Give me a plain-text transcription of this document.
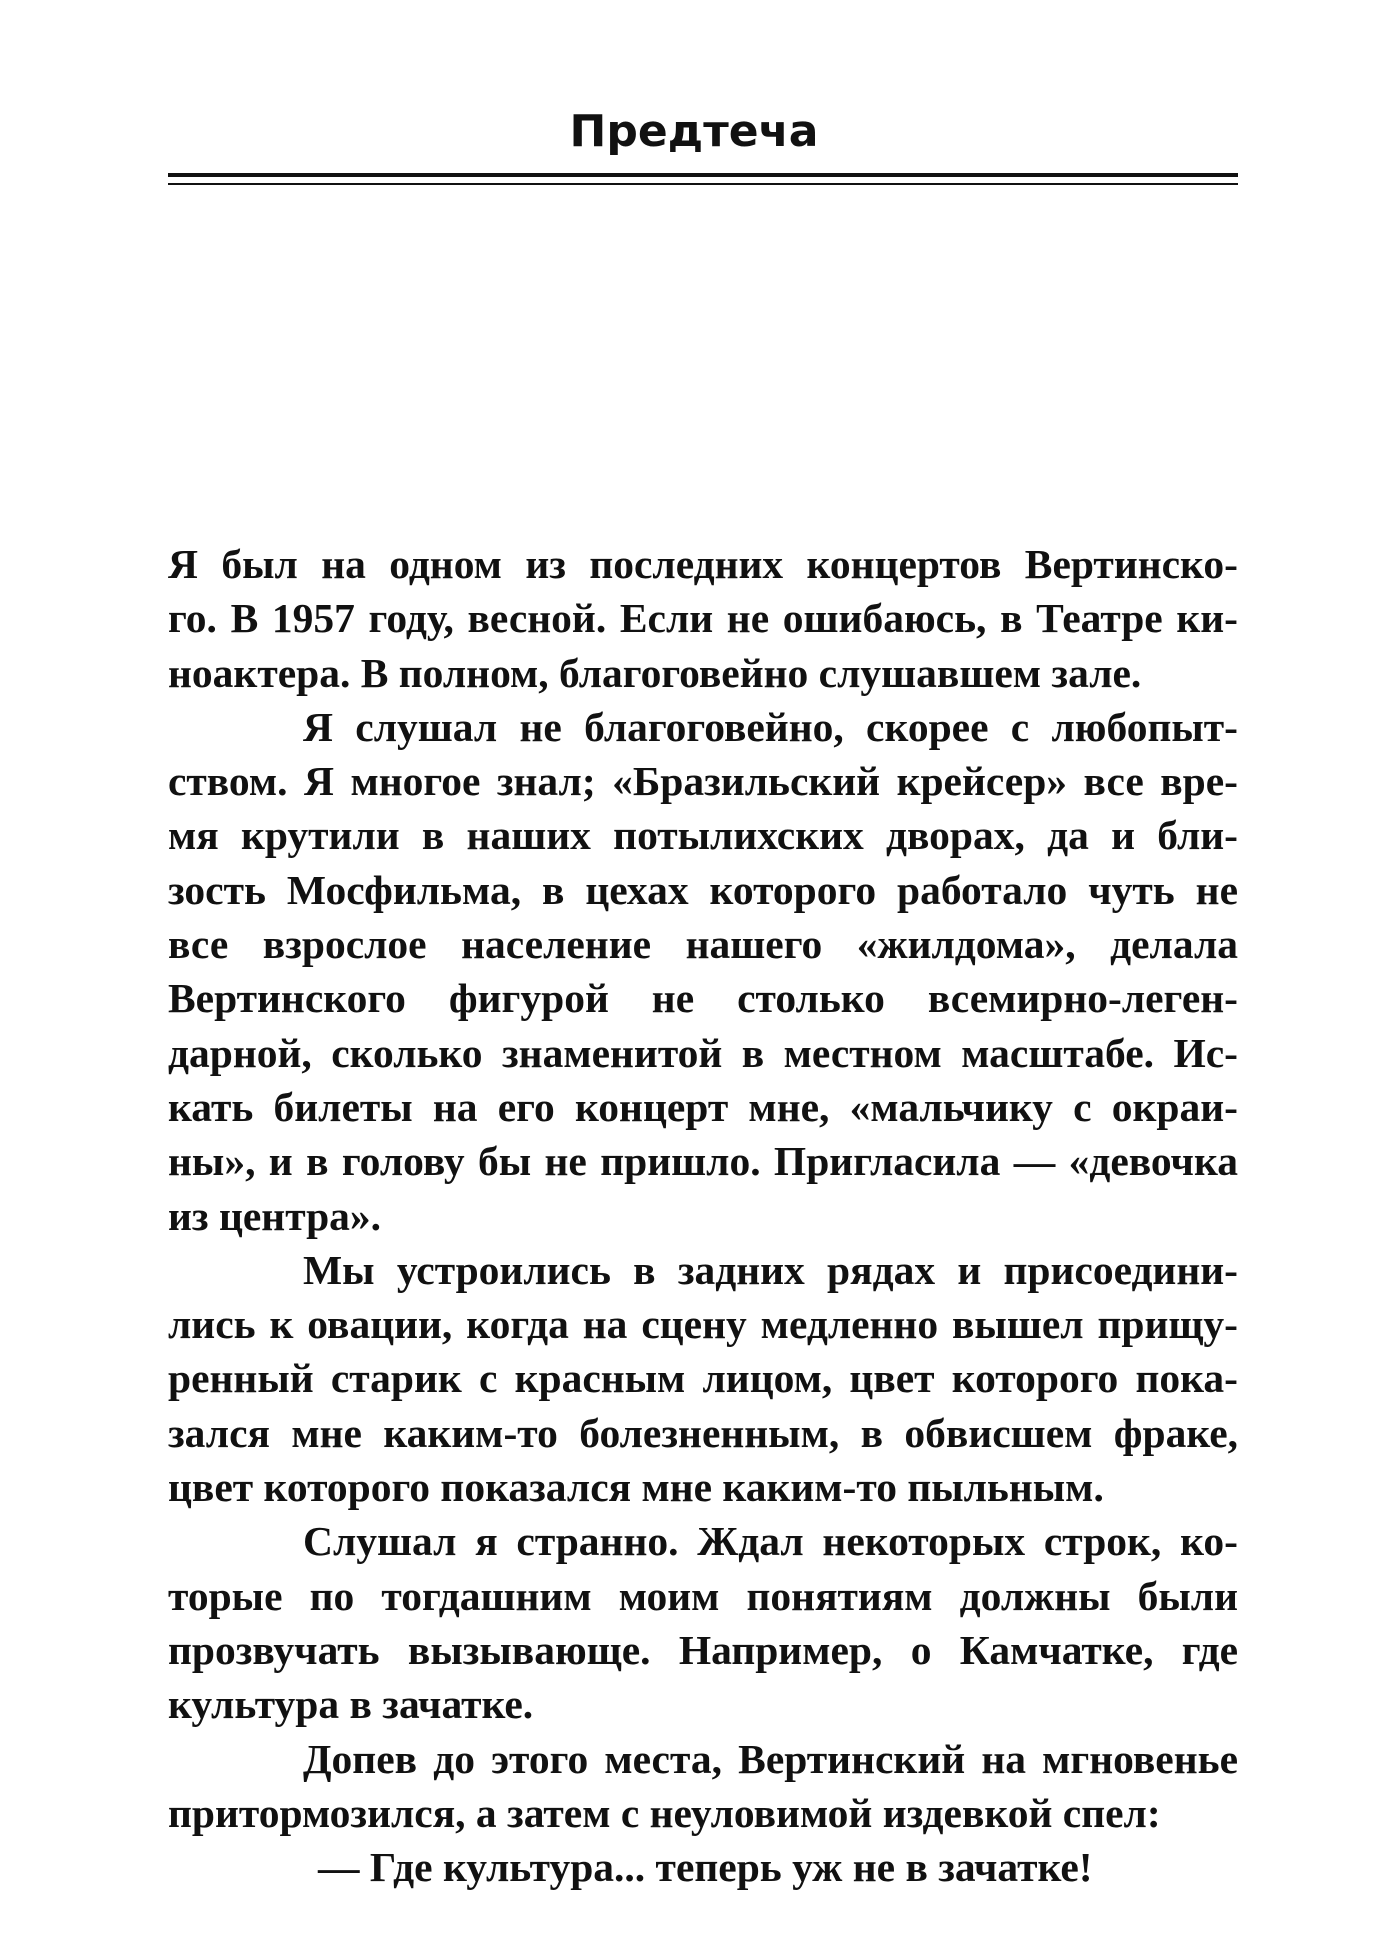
Предтеча
Я был на одном из последних концертов Вертинско-
го. В 1957 году, весной. Если не ошибаюсь, в Театре ки-
ноактера. В полном, благоговейно слушавшем зале.
Я слушал не благоговейно, скорее с любопыт-
ством. Я многое знал; «Бразильский крейсер» все вре-
мя крутили в наших потылихских дворах, да и бли-
зость Мосфильма, в цехах которого работало чуть не
все взрослое население нашего «жилдома», делала
Вертинского фигурой не столько всемирно-леген-
дарной, сколько знаменитой в местном масштабе. Ис-
кать билеты на его концерт мне, «мальчику с окраи-
ны», и в голову бы не пришло. Пригласила — «девочка
из центра».
Мы устроились в задних рядах и присоедини-
лись к овации, когда на сцену медленно вышел прищу-
ренный старик с красным лицом, цвет которого пока-
зался мне каким-то болезненным, в обвисшем фраке,
цвет которого показался мне каким-то пыльным.
Слушал я странно. Ждал некоторых строк, ко-
торые по тогдашним моим понятиям должны были
прозвучать вызывающе. Например, о Камчатке, где
культура в зачатке.
Допев до этого места, Вертинский на мгновенье
притормозился, а затем с неуловимой издевкой спел:
— Где культура... теперь уж не в зачатке!
